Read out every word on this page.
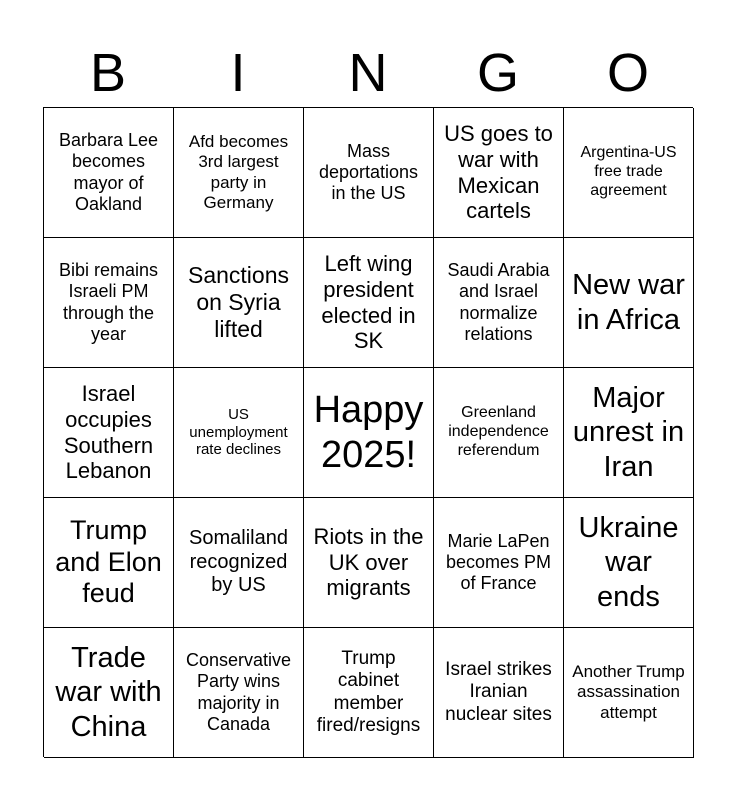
B	I	N	G	O
Barbara Lee becomes mayor of Oakland
Afd becomes 3rd largest party in Germany
Mass deportations in the US
US goes to war with Mexican cartels
Argentina-US free trade agreement
Bibi remains Israeli PM through the year
Sanctions on Syria lifted
Left wing president elected in SK
Saudi Arabia and Israel normalize relations
New war in Africa
Israel occupies Southern Lebanon
US unemployment rate declines
Happy 2025!
Greenland independence referendum
Major unrest in Iran
Trump and Elon feud
Somaliland recognized by US
Riots in the UK over migrants
Marie LaPen becomes PM of France
Ukraine war ends
Trade war with China
Conservative Party wins majority in Canada
Trump cabinet member fired/resigns
Israel strikes Iranian nuclear sites
Another Trump assassination attempt
